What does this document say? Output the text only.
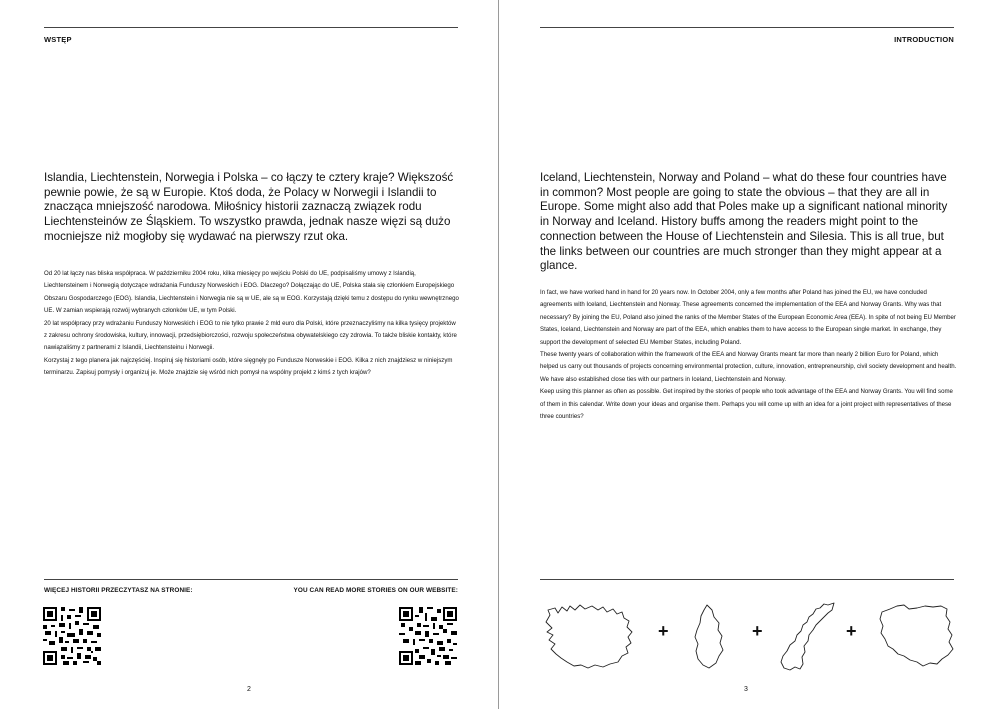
WSTĘP

Islandia, Liechtenstein, Norwegia i Polska – co łączy te cztery kraje? Większość pewnie powie, że są w Europie. Ktoś doda, że Polacy w Norwegii i Islandii to znacząca mniejszość narodowa. Miłośnicy historii zaznaczą związek rodu Liechtensteinów ze Śląskiem. To wszystko prawda, jednak nasze więzi są dużo mocniejsze niż mogłoby się wydawać na pierwszy rzut oka.

Od 20 lat łączy nas bliska współpraca. W październiku 2004 roku, kilka miesięcy po wejściu Polski do UE, podpisaliśmy umowy z Islandią, Liechtensteinem i Norwegią dotyczące wdrażania Funduszy Norweskich i EOG. Dlaczego? Dołączając do UE, Polska stała się członkiem Europejskiego Obszaru Gospodarczego (EOG). Islandia, Liechtenstein i Norwegia nie są w UE, ale są w EOG. Korzystają dzięki temu z dostępu do rynku wewnętrznego UE. W zamian wspierają rozwój wybranych członków UE, w tym Polski.

20 lat współpracy przy wdrażaniu Funduszy Norweskich i EOG to nie tylko prawie 2 mld euro dla Polski, które przeznaczyliśmy na kilka tysięcy projektów z zakresu ochrony środowiska, kultury, innowacji, przedsiębiorczości, rozwoju społeczeństwa obywatelskiego czy zdrowia. To także bliskie kontakty, które nawiązaliśmy z partnerami z Islandii, Liechtensteinu i Norwegii.

Korzystaj z tego planera jak najczęściej. Inspiruj się historiami osób, które sięgnęły po Fundusze Norweskie i EOG. Kilka z nich znajdziesz w niniejszym terminarzu. Zapisuj pomysły i organizuj je. Może znajdzie się wśród nich pomysł na wspólny projekt z kimś z tych krajów?

WIĘCEJ HISTORII PRZECZYTASZ NA STRONIE:	YOU CAN READ MORE STORIES ON OUR WEBSITE:
2
INTRODUCTION

Iceland, Liechtenstein, Norway and Poland – what do these four countries have in common? Most people are going to state the obvious – that they are all in Europe. Some might also add that Poles make up a significant national minority in Norway and Iceland. History buffs among the readers might point to the connection between the House of Liechtenstein and Silesia. This is all true, but the links between our countries are much stronger than they might appear at a glance.

In fact, we have worked hand in hand for 20 years now. In October 2004, only a few months after Poland has joined the EU, we have concluded agreements with Iceland, Liechtenstein and Norway. These agreements concerned the implementation of the EEA and Norway Grants. Why was that necessary? By joining the EU, Poland also joined the ranks of the Member States of the European Economic Area (EEA). In spite of not being EU Member States, Iceland, Liechtenstein and Norway are part of the EEA, which enables them to have access to the European single market. In exchange, they support the development of selected EU Member States, including Poland.

These twenty years of collaboration within the framework of the EEA and Norway Grants meant far more than nearly 2 billion Euro for Poland, which helped us carry out thousands of projects concerning environmental protection, culture, innovation, entrepreneurship, civil society development and health. We have also established close ties with our partners in Iceland, Liechtenstein and Norway.

Keep using this planner as often as possible. Get inspired by the stories of people who took advantage of the EEA and Norway Grants. You will find some of them in this calendar. Write down your ideas and organise them. Perhaps you will come up with an idea for a joint project with representatives of these three countries?

+	+	+
3
